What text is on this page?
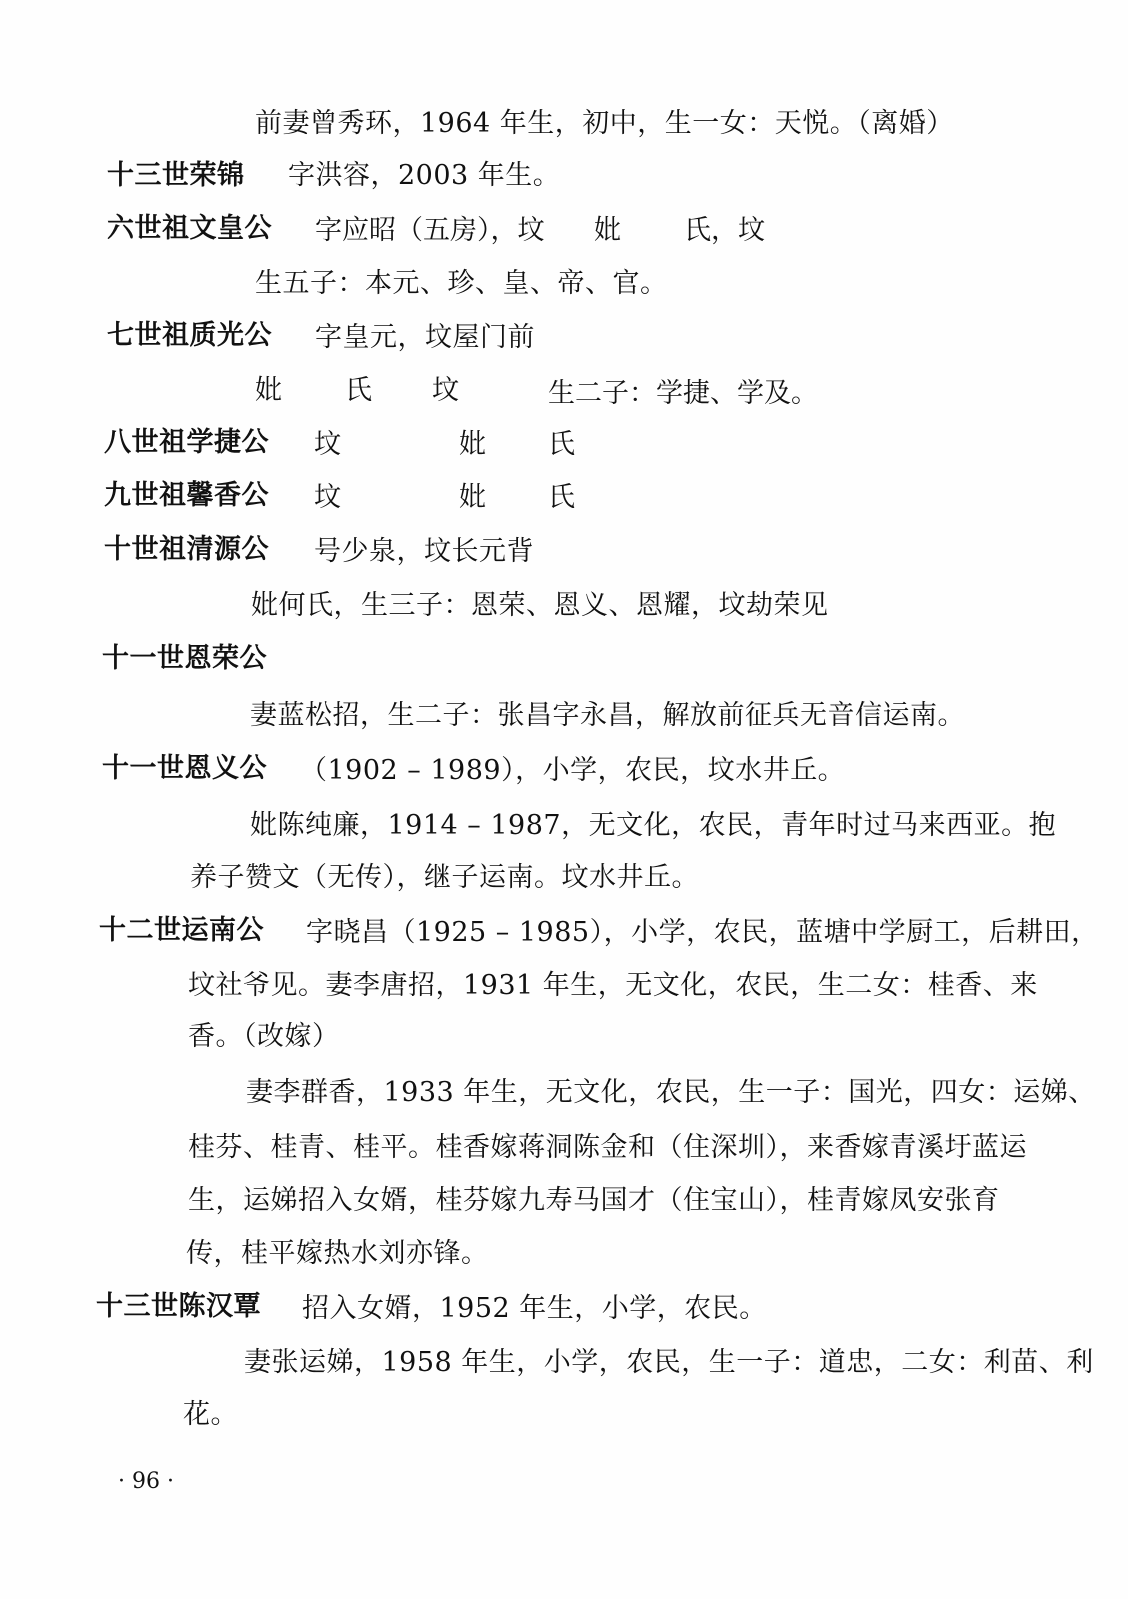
前妻曾秀环，1964 年生，初中，生一女：天悦。（离婚）
十三世荣锦 字洪容，2003 年生。
六世祖文皇公 字应昭（五房），坟 妣 氏，坟
生五子：本元、珍、皇、帝、官。
七世祖质光公 字皇元，坟屋门前
妣 氏 坟	生二子：学捷、学及。
八世祖学捷公 坟	妣 氏
九世祖馨香公 坟	妣 氏
十世祖清源公 号少泉，坟长元背
妣何氏，生三子：恩荣、恩义、恩耀，坟劫荣见
十一世恩荣公
妻蓝松招，生二子：张昌字永昌，解放前征兵无音信运南。
十一世恩义公 （1902 – 1989），小学，农民，坟水井丘。
妣陈纯廉，1914 – 1987，无文化，农民，青年时过马来西亚。抱
养子赞文（无传），继子运南。坟水井丘。
十二世运南公 字晓昌（1925 – 1985），小学，农民，蓝塘中学厨工，后耕田，
坟社爷见。妻李唐招，1931 年生，无文化，农民，生二女：桂香、来
香。（改嫁）
妻李群香，1933 年生，无文化，农民，生一子：国光，四女：运娣、
桂芬、桂青、桂平。桂香嫁蒋洞陈金和（住深圳），来香嫁青溪圩蓝运
生，运娣招入女婿，桂芬嫁九寿马国才（住宝山），桂青嫁凤安张育
传，桂平嫁热水刘亦锋。
十三世陈汉覃 招入女婿，1952 年生，小学，农民。
妻张运娣，1958 年生，小学，农民，生一子：道忠，二女：利苗、利
花。
· 96 ·
